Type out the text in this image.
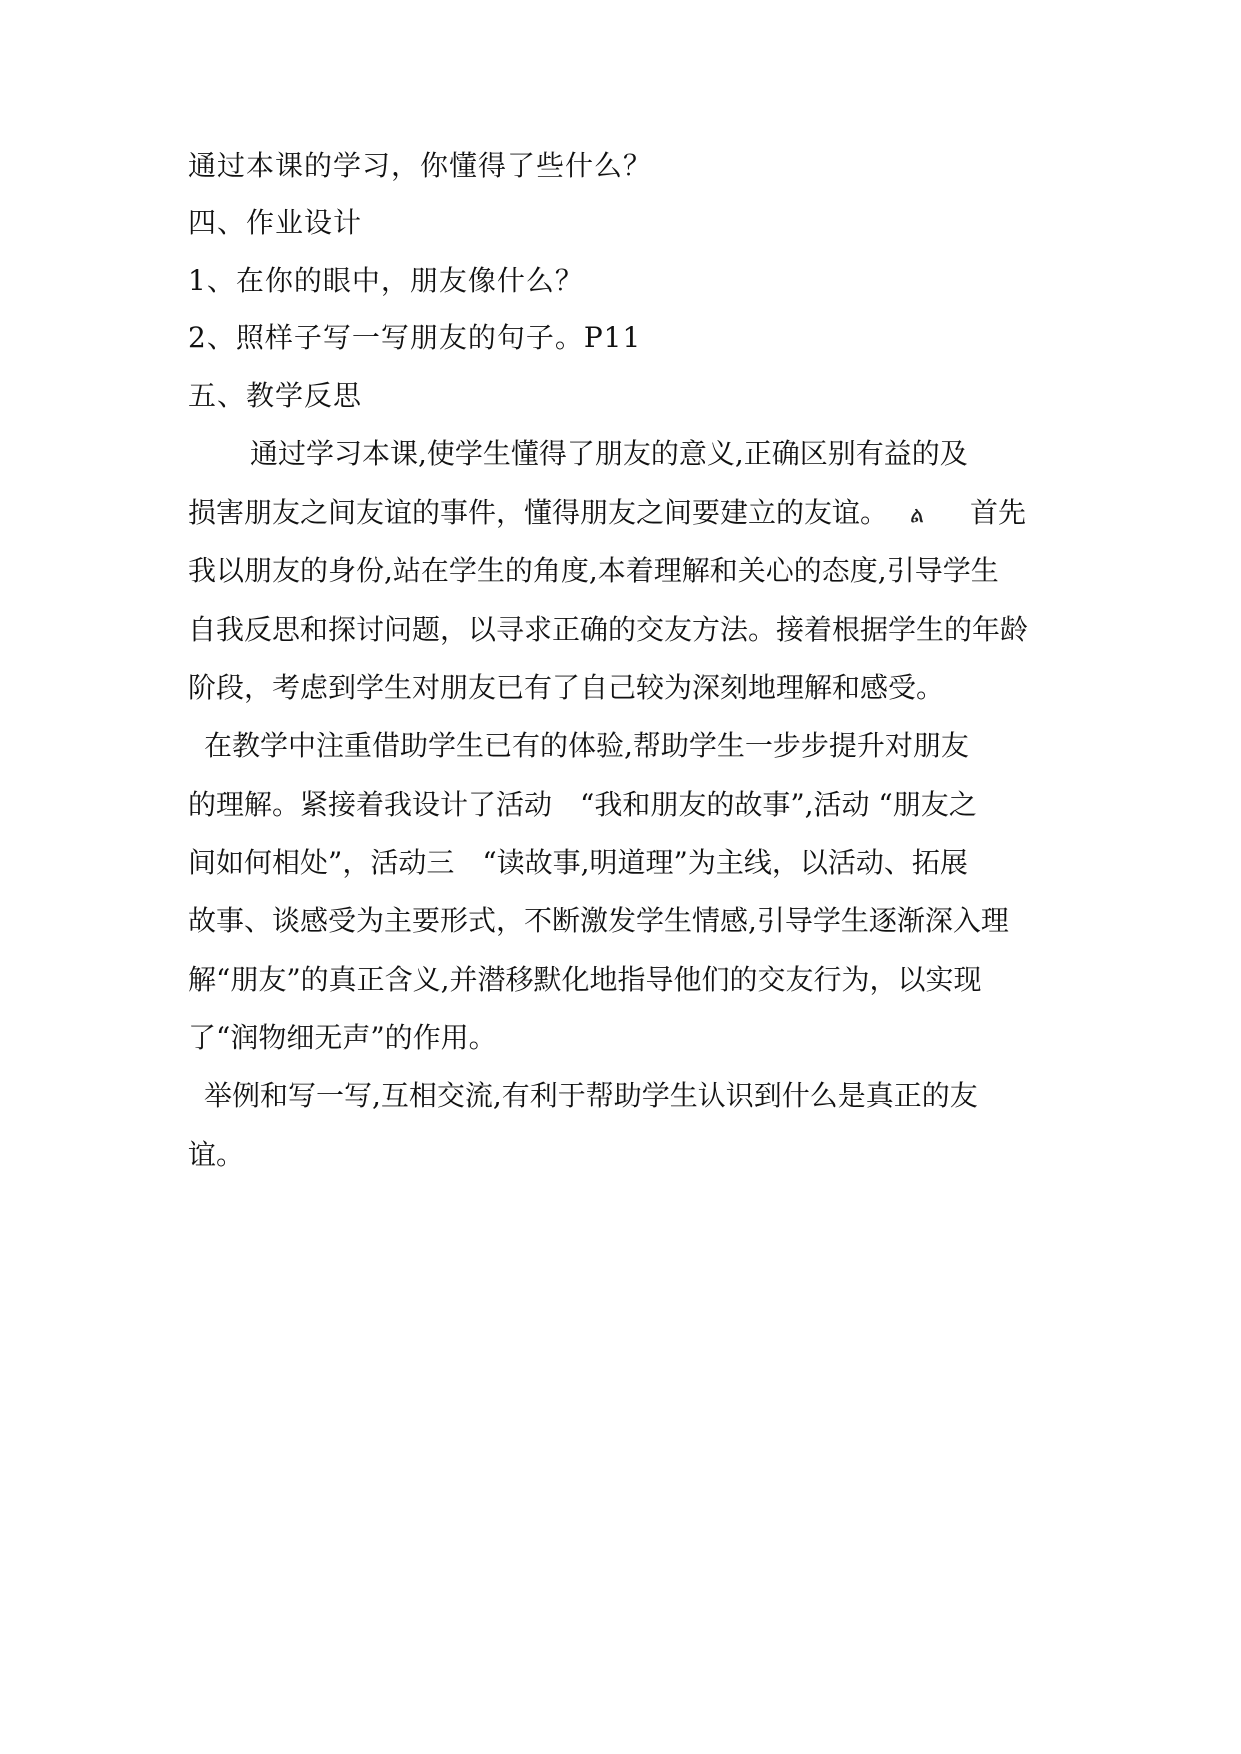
通过本课的学习，你懂得了些什么？
四、作业设计
1、在你的眼中，朋友像什么？
2、照样子写一写朋友的句子。P11
五、教学反思
通过学习本课,使学生懂得了朋友的意义,正确区别有益的及
损害朋友之间友谊的事件，懂得朋友之间要建立的友谊。 ል 首先
我以朋友的身份,站在学生的角度,本着理解和关心的态度,引导学生
自我反思和探讨问题，以寻求正确的交友方法。接着根据学生的年龄
阶段，考虑到学生对朋友已有了自己较为深刻地理解和感受。
在教学中注重借助学生已有的体验,帮助学生一步步提升对朋友
的理解。紧接着我设计了活动　“我和朋友的故事”,活动 “朋友之
间如何相处”，活动三　“读故事,明道理”为主线，以活动、拓展
故事、谈感受为主要形式，不断激发学生情感,引导学生逐渐深入理
解“朋友”的真正含义,并潜移默化地指导他们的交友行为，以实现
了“润物细无声”的作用。
举例和写一写,互相交流,有利于帮助学生认识到什么是真正的友
谊。
